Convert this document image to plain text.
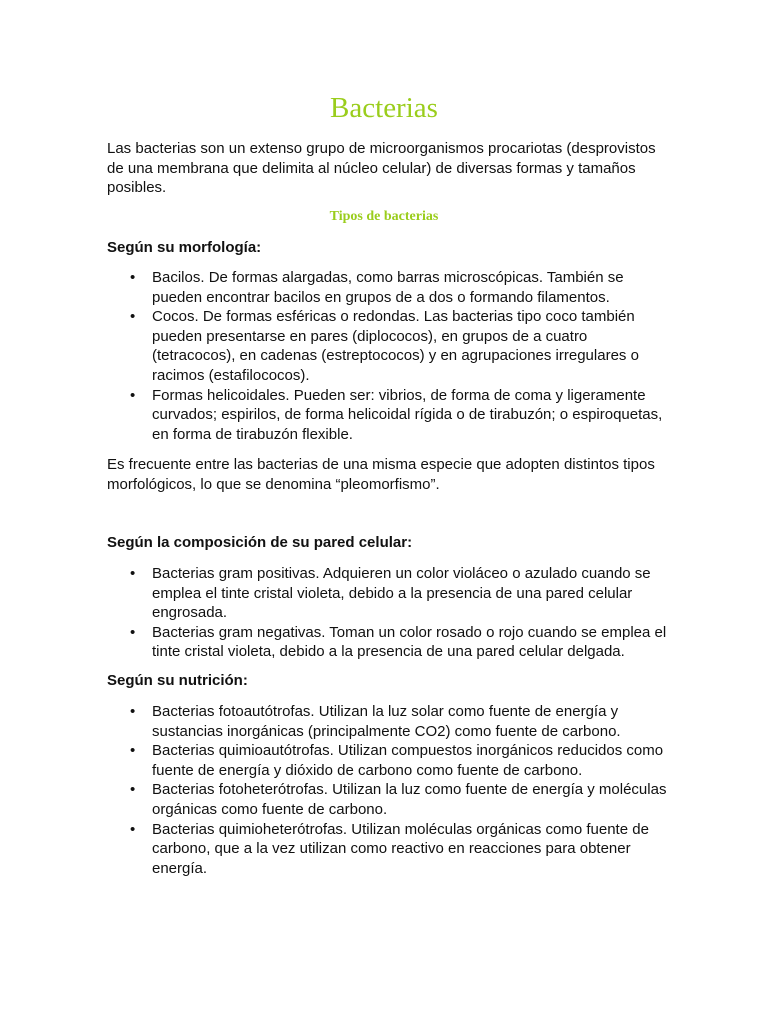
Bacterias
Las bacterias son un extenso grupo de microorganismos procariotas (desprovistos de una membrana que delimita al núcleo celular) de diversas formas y tamaños posibles.
Tipos de bacterias
Según su morfología:
• Bacilos. De formas alargadas, como barras microscópicas. También se pueden encontrar bacilos en grupos de a dos o formando filamentos.
• Cocos. De formas esféricas o redondas. Las bacterias tipo coco también pueden presentarse en pares (diplococos), en grupos de a cuatro (tetracocos), en cadenas (estreptococos) y en agrupaciones irregulares o racimos (estafilococos).
• Formas helicoidales. Pueden ser: vibrios, de forma de coma y ligeramente curvados; espirilos, de forma helicoidal rígida o de tirabuzón; o espiroquetas, en forma de tirabuzón flexible.
Es frecuente entre las bacterias de una misma especie que adopten distintos tipos morfológicos, lo que se denomina “pleomorfismo”.
Según la composición de su pared celular:
• Bacterias gram positivas. Adquieren un color violáceo o azulado cuando se emplea el tinte cristal violeta, debido a la presencia de una pared celular engrosada.
• Bacterias gram negativas. Toman un color rosado o rojo cuando se emplea el tinte cristal violeta, debido a la presencia de una pared celular delgada.
Según su nutrición:
• Bacterias fotoautótrofas. Utilizan la luz solar como fuente de energía y sustancias inorgánicas (principalmente CO2) como fuente de carbono.
• Bacterias quimioautótrofas. Utilizan compuestos inorgánicos reducidos como fuente de energía y dióxido de carbono como fuente de carbono.
• Bacterias fotoheterótrofas. Utilizan la luz como fuente de energía y moléculas orgánicas como fuente de carbono.
• Bacterias quimioheterótrofas. Utilizan moléculas orgánicas como fuente de carbono, que a la vez utilizan como reactivo en reacciones para obtener energía.
